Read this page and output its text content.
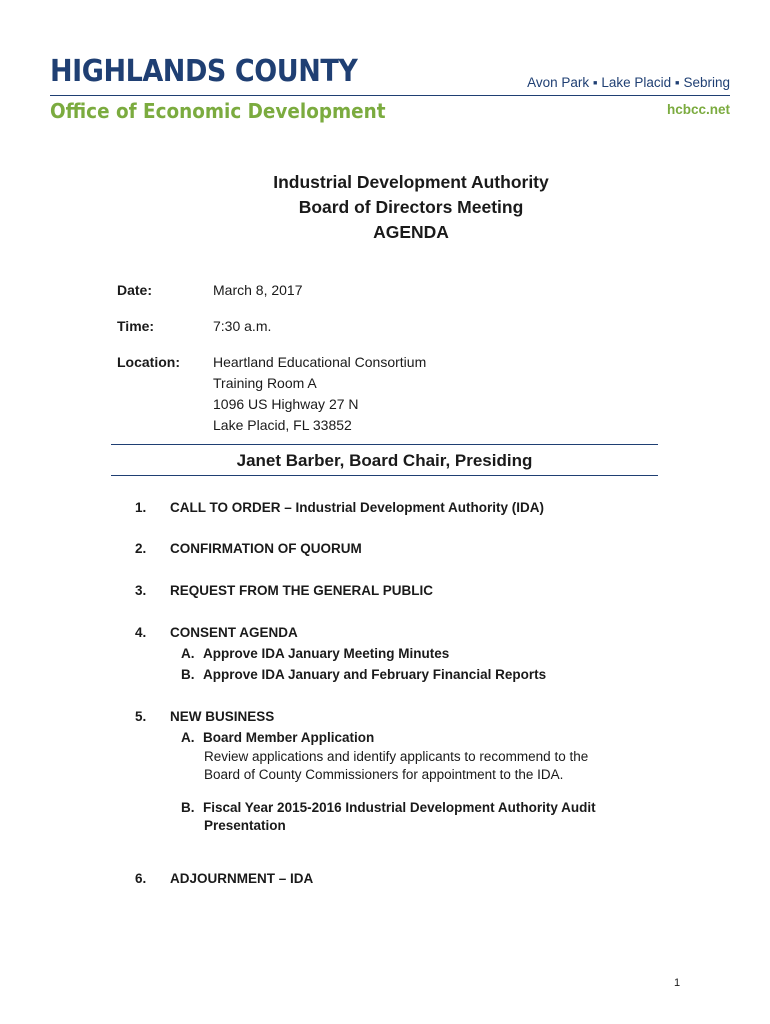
HIGHLANDS COUNTY	Avon Park ▪ Lake Placid ▪ Sebring
Office of Economic Development	hcbcc.net
Industrial Development Authority
Board of Directors Meeting
AGENDA
Date:	March 8, 2017
Time:	7:30 a.m.
Location:	Heartland Educational Consortium
Training Room A
1096 US Highway 27 N
Lake Placid, FL 33852
Janet Barber, Board Chair, Presiding
1.	CALL TO ORDER – Industrial Development Authority (IDA)
2.	CONFIRMATION OF QUORUM
3.	REQUEST FROM THE GENERAL PUBLIC
4.	CONSENT AGENDA
A. Approve IDA January Meeting Minutes
B. Approve IDA January and February Financial Reports
5.	NEW BUSINESS
A. Board Member Application
Review applications and identify applicants to recommend to the
Board of County Commissioners for appointment to the IDA.
B. Fiscal Year 2015-2016 Industrial Development Authority Audit
Presentation
6.	ADJOURNMENT – IDA
1
